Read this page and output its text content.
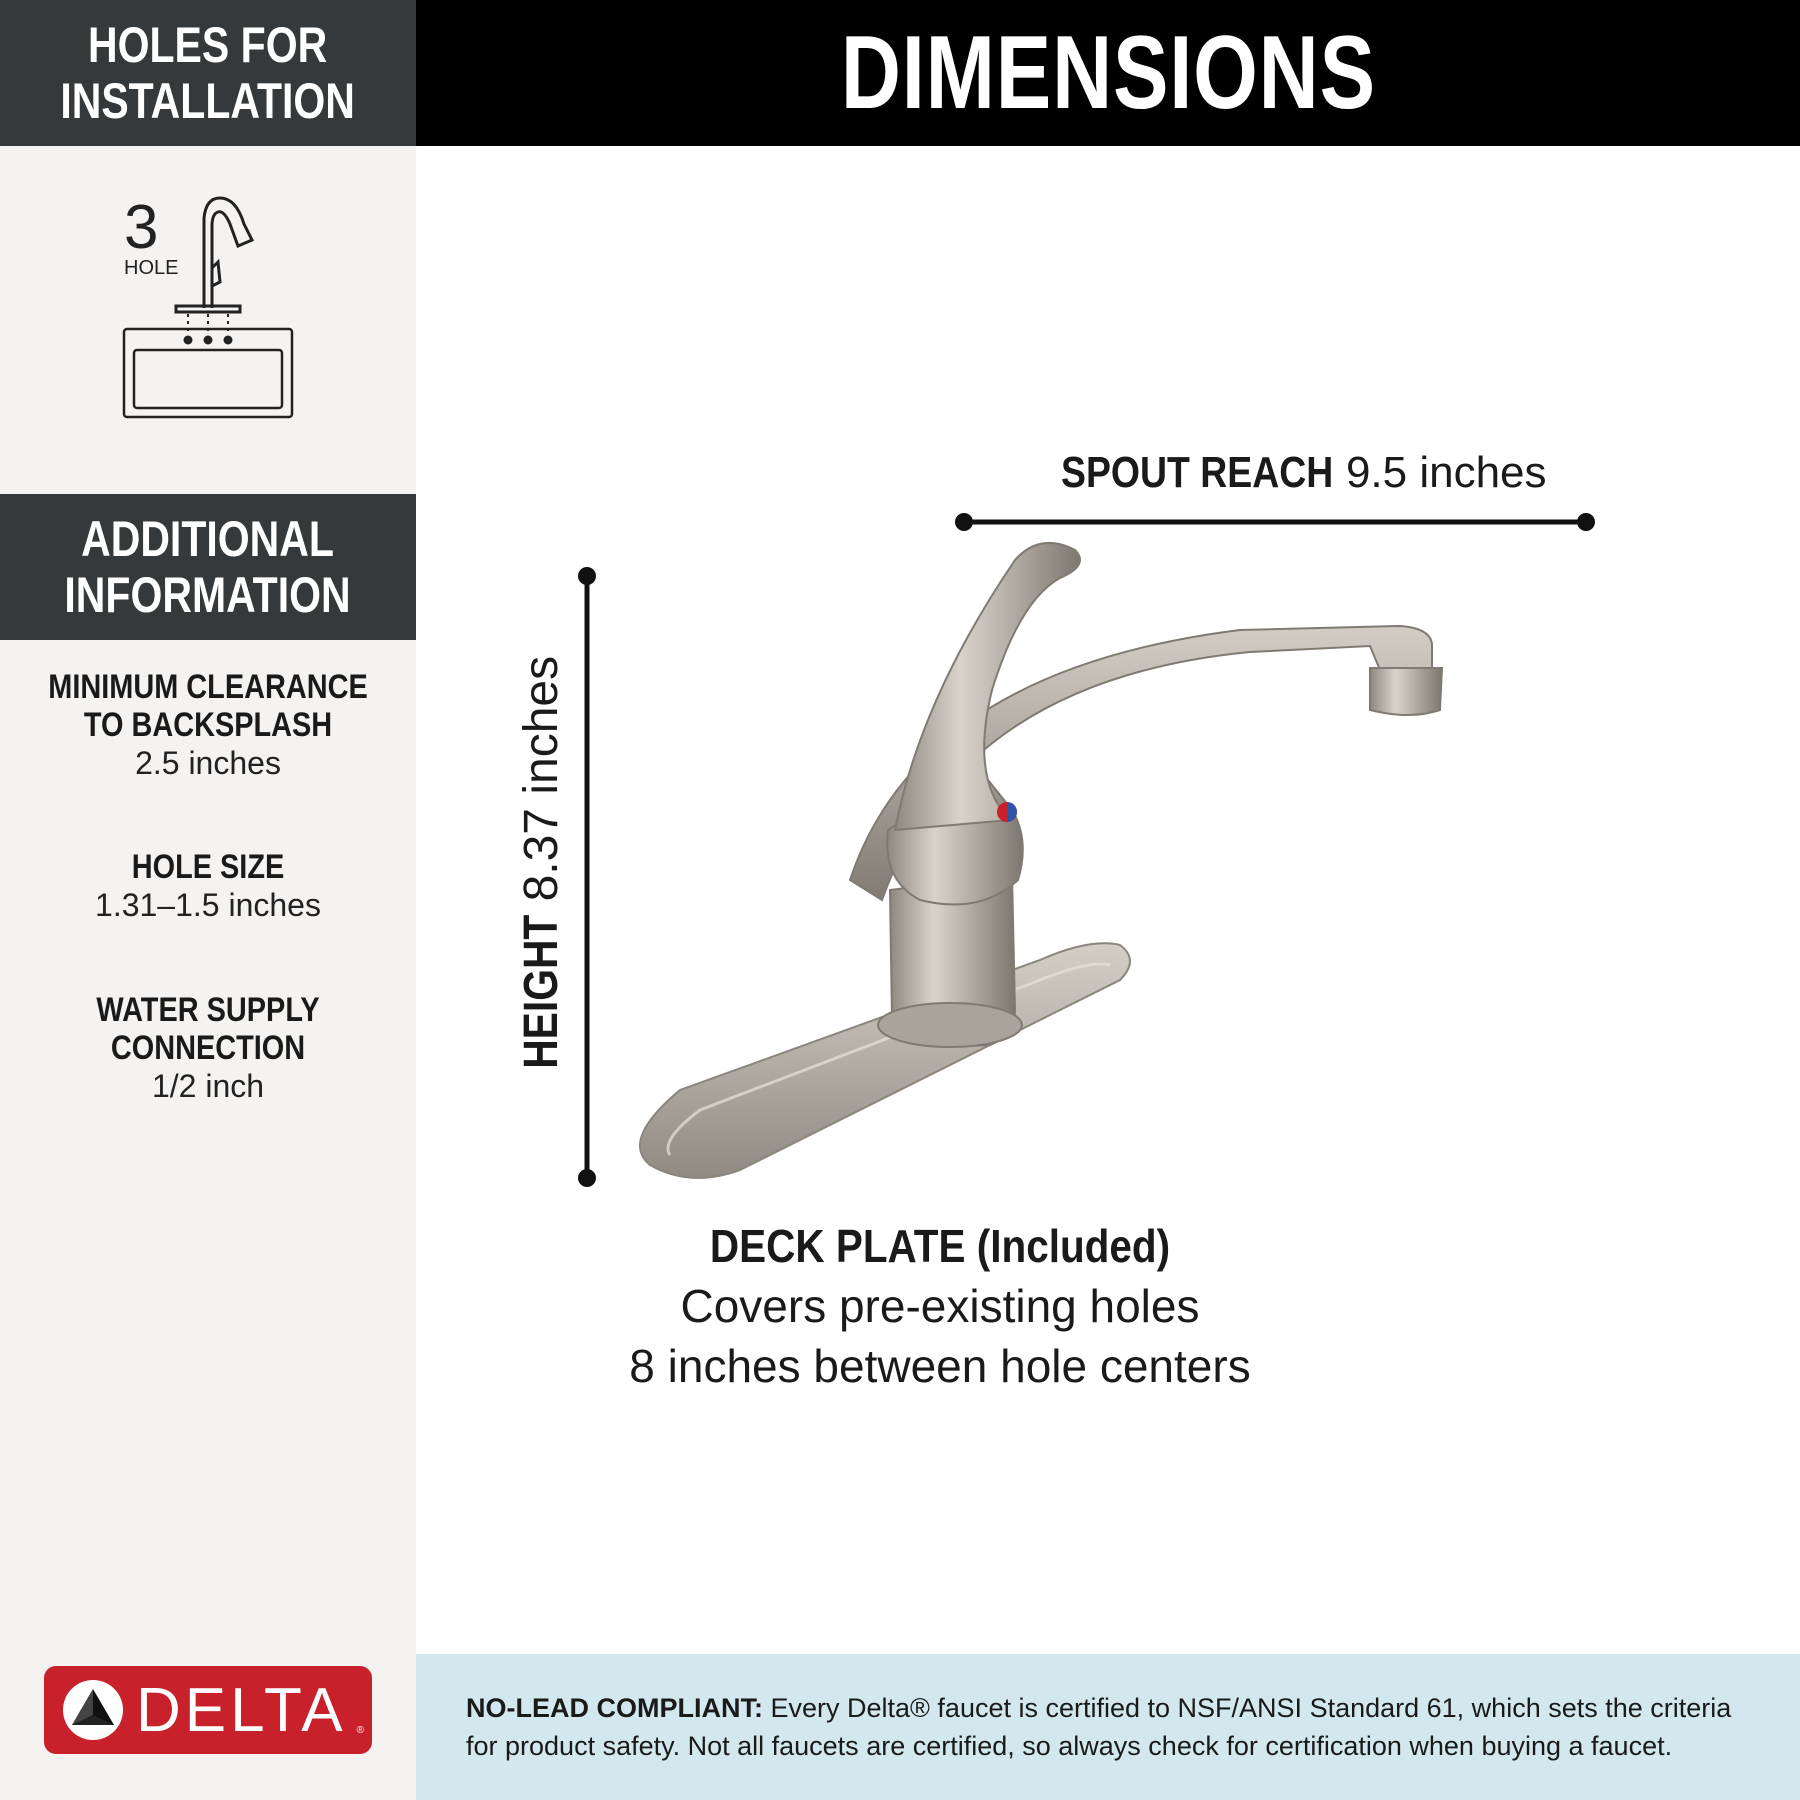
HOLES FOR
INSTALLATION
3
HOLE
ADDITIONAL
INFORMATION
MINIMUM CLEARANCE
TO BACKSPLASH
2.5 inches
HOLE SIZE
1.31–1.5 inches
WATER SUPPLY
CONNECTION
1/2 inch
DELTA ®
DIMENSIONS
SPOUT REACH 9.5 inches
HEIGHT 8.37 inches
DECK PLATE (Included)
Covers pre-existing holes
8 inches between hole centers

NO-LEAD COMPLIANT: Every Delta® faucet is certified to NSF/ANSI Standard 61, which sets the criteria for product safety. Not all faucets are certified, so always check for certification when buying a faucet.
